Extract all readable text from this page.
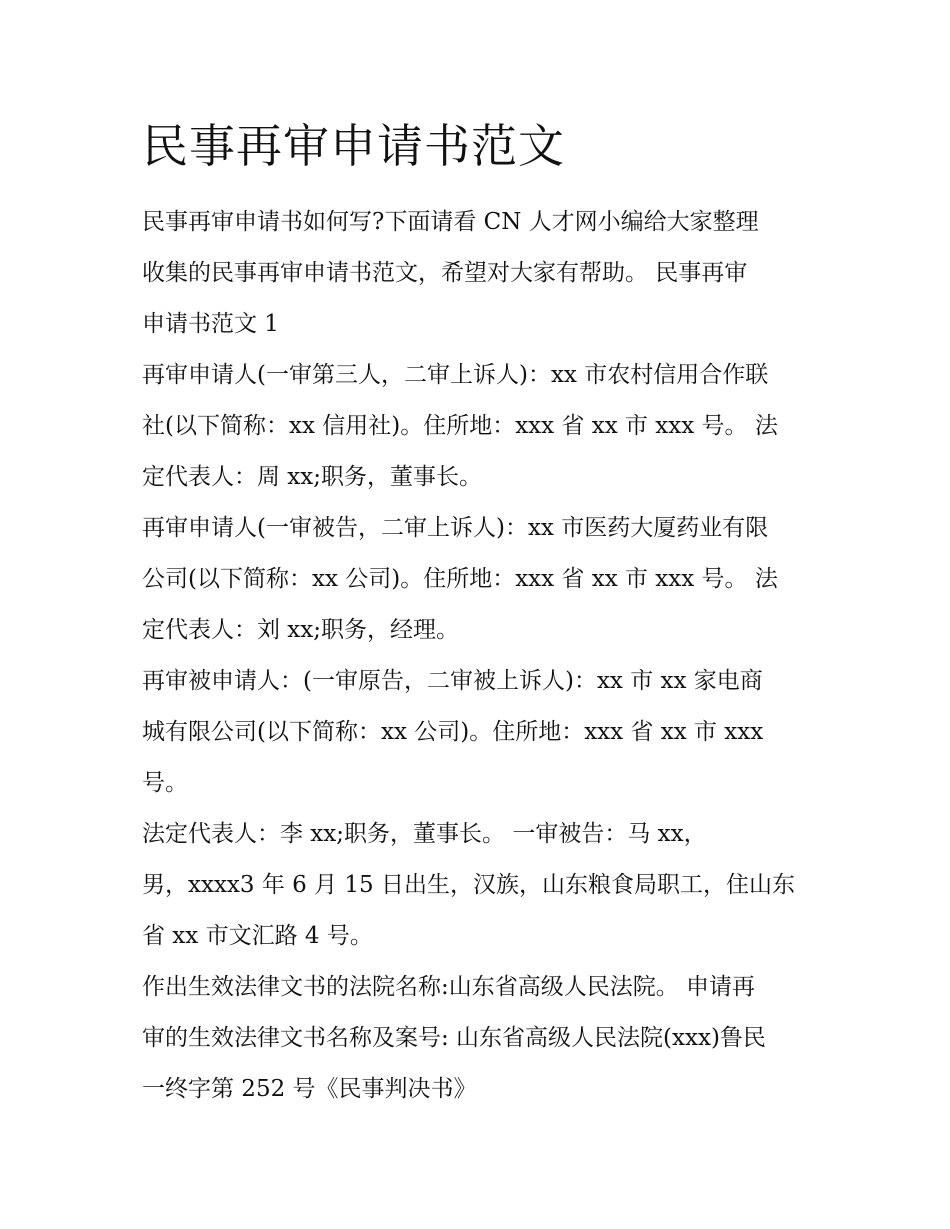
民事再审申请书范文
民事再审申请书如何写?下面请看 CN 人才网小编给大家整理
收集的民事再审申请书范文，希望对大家有帮助。 民事再审
申请书范文 1
再审申请人(一审第三人，二审上诉人)：xx 市农村信用合作联
社(以下简称：xx 信用社)。住所地：xxx 省 xx 市 xxx 号。 法
定代表人：周 xx;职务，董事长。
再审申请人(一审被告，二审上诉人)：xx 市医药大厦药业有限
公司(以下简称：xx 公司)。住所地：xxx 省 xx 市 xxx 号。 法
定代表人：刘 xx;职务，经理。
再审被申请人：(一审原告，二审被上诉人)：xx 市 xx 家电商
城有限公司(以下简称：xx 公司)。住所地：xxx 省 xx 市 xxx
号。
法定代表人：李 xx;职务，董事长。 一审被告：马 xx，
男，xxxx3 年 6 月 15 日出生，汉族，山东粮食局职工，住山东
省 xx 市文汇路 4 号。
作出生效法律文书的法院名称:山东省高级人民法院。 申请再
审的生效法律文书名称及案号: 山东省高级人民法院(xxx)鲁民
一终字第 252 号《民事判决书》
